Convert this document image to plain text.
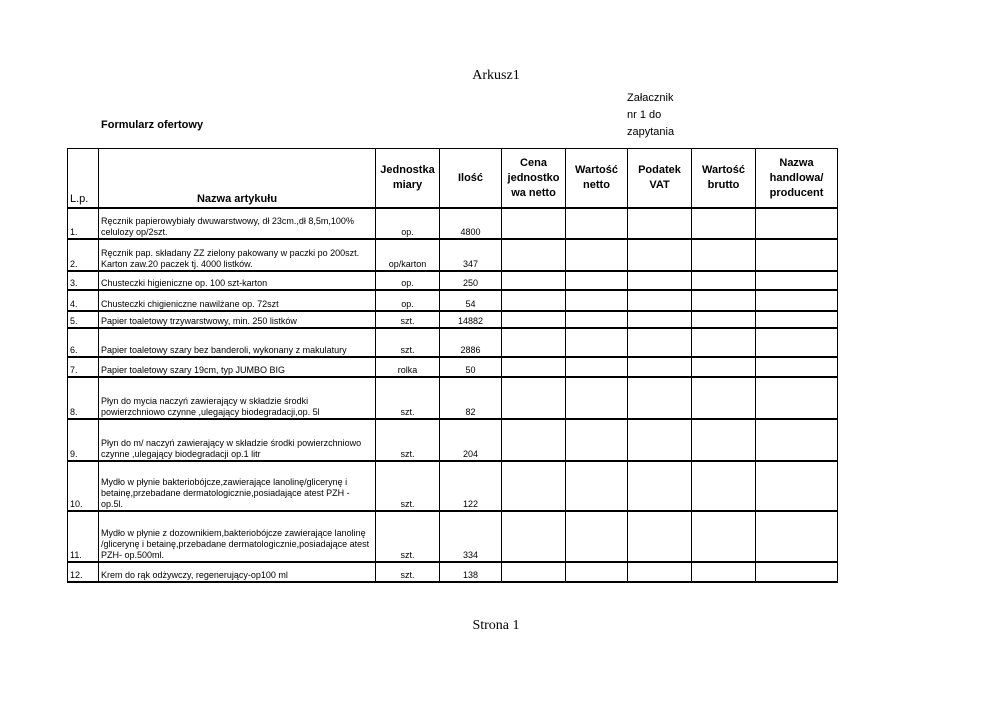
Arkusz1
Formularz ofertowy
Załacznik
nr 1 do
zapytania
L.p.	Nazwa artykułu	Jednostka miary	Ilość	Cena jednostko wa netto	Wartość netto	Podatek VAT	Wartość brutto	Nazwa handlowa/ producent
1.	Ręcznik papierowybiały dwuwarstwowy, dł 23cm.,dł 8,5m,100% celulozy op/2szt.	op.	4800					
2.	Ręcznik pap. składany ZZ zielony pakowany w paczki po 200szt. Karton zaw.20 paczek tj. 4000 listków.	op/karton	347					
3.	Chusteczki higieniczne op. 100 szt-karton	op.	250					
4.	Chusteczki chigieniczne nawilżane op. 72szt	op.	54					
5.	Papier toaletowy trzywarstwowy, min. 250 listków	szt.	14882					
6.	Papier toaletowy szary bez banderoli, wykonany z makulatury	szt.	2886					
7.	Papier toaletowy szary 19cm, typ JUMBO BIG	rolka	50					
8.	Płyn do mycia naczyń zawierający w składzie środki powierzchniowo czynne ,ulegający biodegradacji,op. 5l	szt.	82					
9.	Płyn do m/ naczyń zawierający w składzie środki powierzchniowo czynne ,ulegający biodegradacji op.1 litr	szt.	204					
10.	Mydło w płynie bakteriobójcze,zawierające lanolinę/glicerynę i betainę,przebadane dermatologicznie,posiadające atest PZH - op.5l.	szt.	122					
11.	Mydło w płynie z dozownikiem,bakteriobójcze zawierające lanolinę /glicerynę i betainę,przebadane dermatologicznie,posiadające atest PZH- op.500ml.	szt.	334					
12.	Krem do rąk odżywczy, regenerujący-op100 ml	szt.	138					
Strona 1
